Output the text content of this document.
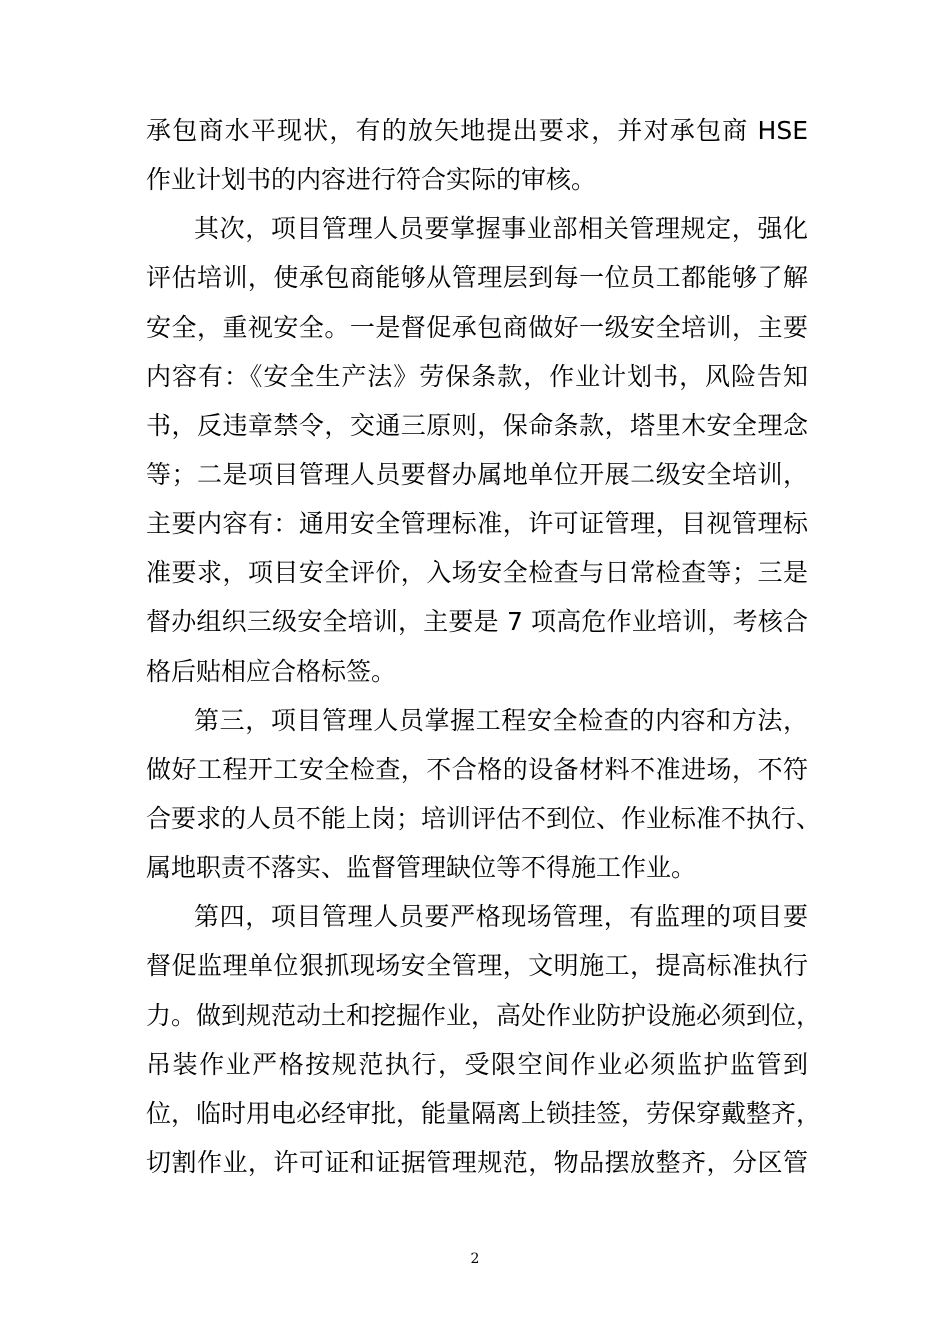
承包商水平现状，有的放矢地提出要求，并对承包商 HSE
作业计划书的内容进行符合实际的审核。
其次，项目管理人员要掌握事业部相关管理规定，强化
评估培训，使承包商能够从管理层到每一位员工都能够了解
安全，重视安全。一是督促承包商做好一级安全培训，主要
内容有：《安全生产法》劳保条款，作业计划书，风险告知
书，反违章禁令，交通三原则，保命条款，塔里木安全理念
等；二是项目管理人员要督办属地单位开展二级安全培训，
主要内容有：通用安全管理标准，许可证管理，目视管理标
准要求，项目安全评价，入场安全检查与日常检查等；三是
督办组织三级安全培训，主要是 7 项高危作业培训，考核合
格后贴相应合格标签。
第三，项目管理人员掌握工程安全检查的内容和方法，
做好工程开工安全检查，不合格的设备材料不准进场，不符
合要求的人员不能上岗；培训评估不到位、作业标准不执行、
属地职责不落实、监督管理缺位等不得施工作业。
第四，项目管理人员要严格现场管理，有监理的项目要
督促监理单位狠抓现场安全管理，文明施工，提高标准执行
力。做到规范动土和挖掘作业，高处作业防护设施必须到位，
吊装作业严格按规范执行，受限空间作业必须监护监管到
位，临时用电必经审批，能量隔离上锁挂签，劳保穿戴整齐，
切割作业，许可证和证据管理规范，物品摆放整齐，分区管
2
